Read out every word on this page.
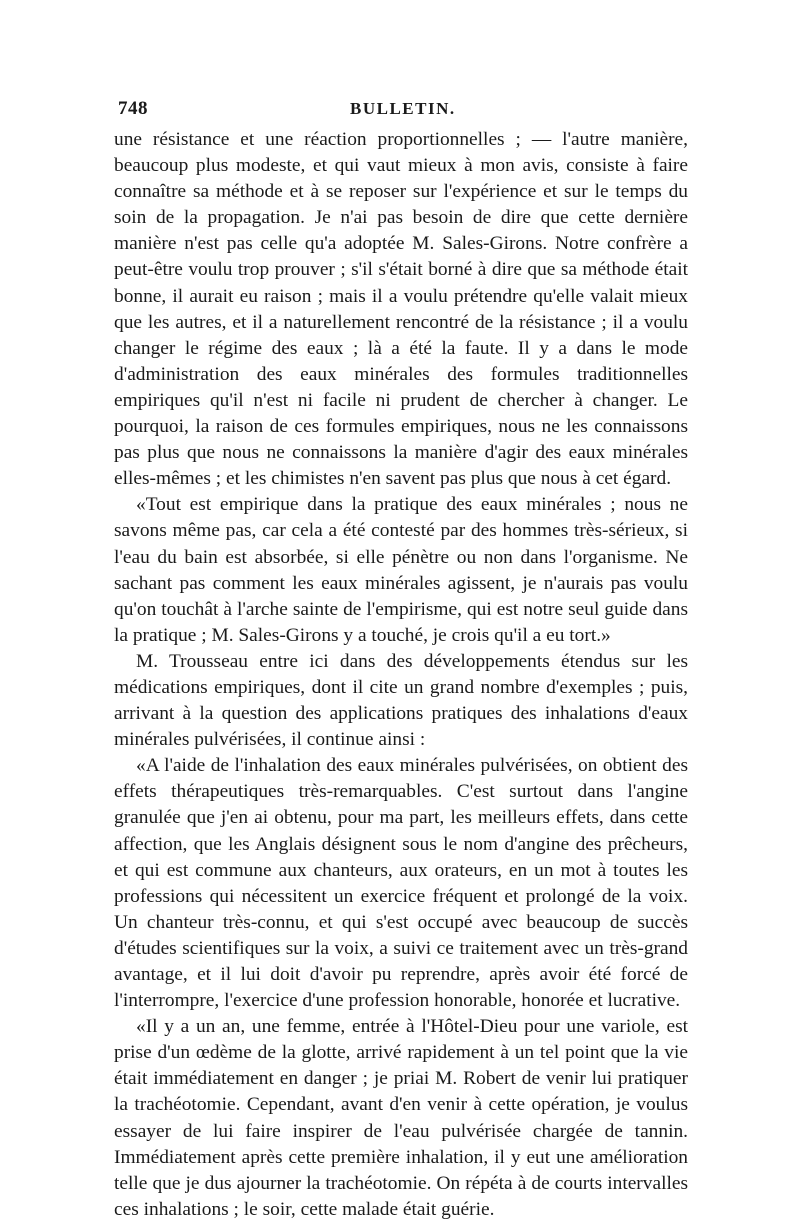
748	BULLETIN.

une résistance et une réaction proportionnelles ; — l'autre manière, beaucoup plus modeste, et qui vaut mieux à mon avis, consiste à faire connaître sa méthode et à se reposer sur l'expérience et sur le temps du soin de la propagation. Je n'ai pas besoin de dire que cette dernière manière n'est pas celle qu'a adoptée M. Sales-Girons. Notre confrère a peut-être voulu trop prouver ; s'il s'était borné à dire que sa méthode était bonne, il aurait eu raison ; mais il a voulu prétendre qu'elle valait mieux que les autres, et il a naturellement rencontré de la résistance ; il a voulu changer le régime des eaux ; là a été la faute. Il y a dans le mode d'administration des eaux minérales des formules traditionnelles empiriques qu'il n'est ni facile ni prudent de chercher à changer. Le pourquoi, la raison de ces formules empiriques, nous ne les connaissons pas plus que nous ne connaissons la manière d'agir des eaux minérales elles-mêmes ; et les chimistes n'en savent pas plus que nous à cet égard.

«Tout est empirique dans la pratique des eaux minérales ; nous ne savons même pas, car cela a été contesté par des hommes très-sérieux, si l'eau du bain est absorbée, si elle pénètre ou non dans l'organisme. Ne sachant pas comment les eaux minérales agissent, je n'aurais pas voulu qu'on touchât à l'arche sainte de l'empirisme, qui est notre seul guide dans la pratique ; M. Sales-Girons y a touché, je crois qu'il a eu tort.»

M. Trousseau entre ici dans des développements étendus sur les médications empiriques, dont il cite un grand nombre d'exemples ; puis, arrivant à la question des applications pratiques des inhalations d'eaux minérales pulvérisées, il continue ainsi :

«A l'aide de l'inhalation des eaux minérales pulvérisées, on obtient des effets thérapeutiques très-remarquables. C'est surtout dans l'angine granulée que j'en ai obtenu, pour ma part, les meilleurs effets, dans cette affection, que les Anglais désignent sous le nom d'angine des prêcheurs, et qui est commune aux chanteurs, aux orateurs, en un mot à toutes les professions qui nécessitent un exercice fréquent et prolongé de la voix. Un chanteur très-connu, et qui s'est occupé avec beaucoup de succès d'études scientifiques sur la voix, a suivi ce traitement avec un très-grand avantage, et il lui doit d'avoir pu reprendre, après avoir été forcé de l'interrompre, l'exercice d'une profession honorable, honorée et lucrative.

«Il y a un an, une femme, entrée à l'Hôtel-Dieu pour une variole, est prise d'un œdème de la glotte, arrivé rapidement à un tel point que la vie était immédiatement en danger ; je priai M. Robert de venir lui pratiquer la trachéotomie. Cependant, avant d'en venir à cette opération, je voulus essayer de lui faire inspirer de l'eau pulvérisée chargée de tannin. Immédiatement après cette première inhalation, il y eut une amélioration telle que je dus ajourner la trachéotomie. On répéta à de courts intervalles ces inhalations ; le soir, cette malade était guérie.
